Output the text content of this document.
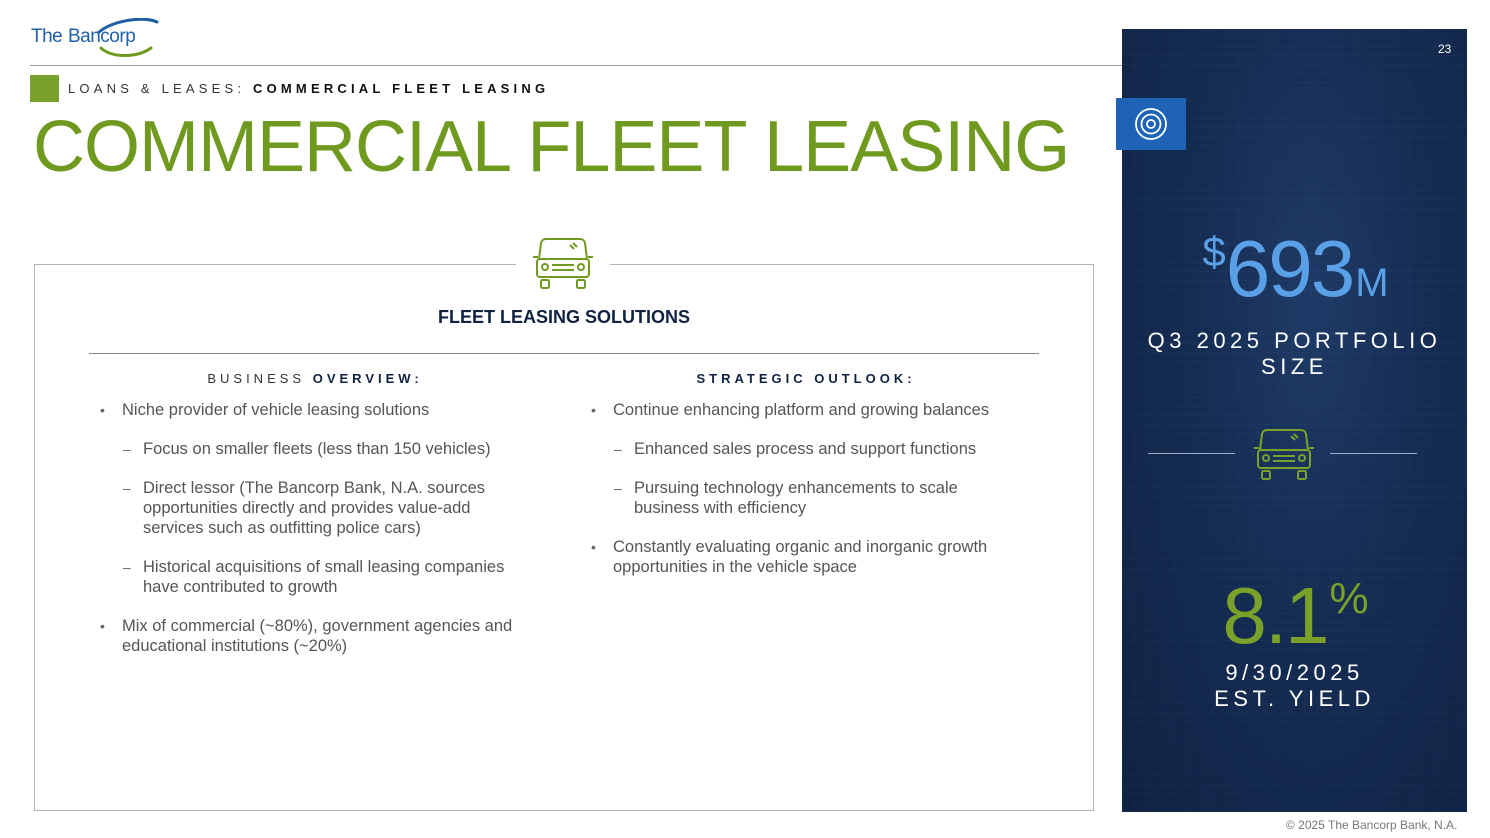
The Bancorp
LOANS & LEASES: COMMERCIAL FLEET LEASING
COMMERCIAL FLEET LEASING
FLEET LEASING SOLUTIONS
BUSINESS OVERVIEW:
• Niche provider of vehicle leasing solutions
– Focus on smaller fleets (less than 150 vehicles)
– Direct lessor (The Bancorp Bank, N.A. sources opportunities directly and provides value-add services such as outfitting police cars)
– Historical acquisitions of small leasing companies have contributed to growth
• Mix of commercial (~80%), government agencies and educational institutions (~20%)
STRATEGIC OUTLOOK:
• Continue enhancing platform and growing balances
– Enhanced sales process and support functions
– Pursuing technology enhancements to scale business with efficiency
• Constantly evaluating organic and inorganic growth opportunities in the vehicle space
23
$693M
Q3 2025 PORTFOLIO
SIZE
8.1%
9/30/2025
EST. YIELD
© 2025 The Bancorp Bank, N.A.
